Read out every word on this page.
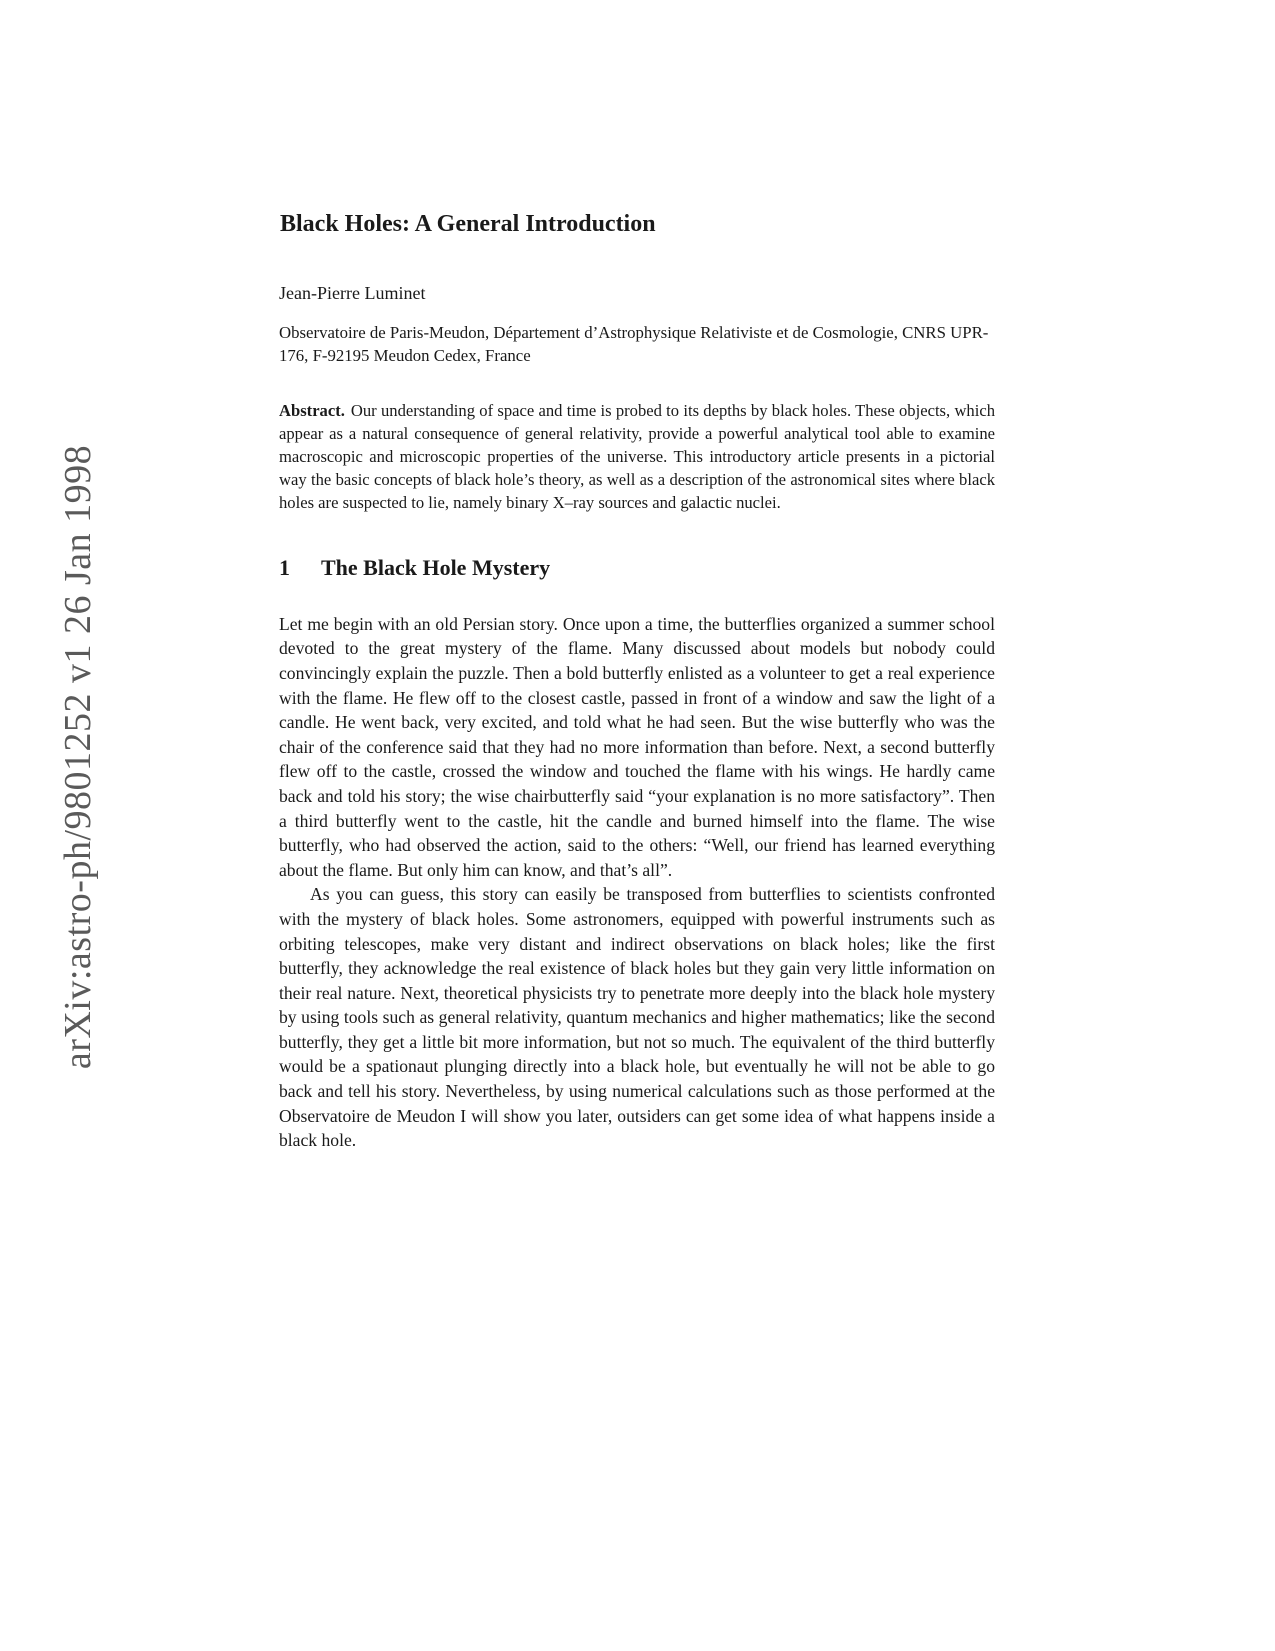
arXiv:astro-ph/9801252 v1 26 Jan 1998
Black Holes: A General Introduction
Jean-Pierre Luminet
Observatoire de Paris-Meudon, Département d’Astrophysique Relativiste et de Cosmologie, CNRS UPR-176, F-92195 Meudon Cedex, France
Abstract. Our understanding of space and time is probed to its depths by black holes. These objects, which appear as a natural consequence of general relativity, provide a powerful analytical tool able to examine macroscopic and microscopic properties of the universe. This introductory article presents in a pictorial way the basic concepts of black hole’s theory, as well as a description of the astronomical sites where black holes are suspected to lie, namely binary X–ray sources and galactic nuclei.
1	The Black Hole Mystery

Let me begin with an old Persian story. Once upon a time, the butterflies organized a summer school devoted to the great mystery of the flame. Many discussed about models but nobody could convincingly explain the puzzle. Then a bold butterfly enlisted as a volunteer to get a real experience with the flame. He flew off to the closest castle, passed in front of a window and saw the light of a candle. He went back, very excited, and told what he had seen. But the wise butterfly who was the chair of the conference said that they had no more information than before. Next, a second butterfly flew off to the castle, crossed the window and touched the flame with his wings. He hardly came back and told his story; the wise chairbutterfly said “your explanation is no more satisfactory”. Then a third butterfly went to the castle, hit the candle and burned himself into the flame. The wise butterfly, who had observed the action, said to the others: “Well, our friend has learned everything about the flame. But only him can know, and that’s all”.

As you can guess, this story can easily be transposed from butterflies to scientists confronted with the mystery of black holes. Some astronomers, equipped with powerful instruments such as orbiting telescopes, make very distant and indirect observations on black holes; like the first butterfly, they acknowledge the real existence of black holes but they gain very little information on their real nature. Next, theoretical physicists try to penetrate more deeply into the black hole mystery by using tools such as general relativity, quantum mechanics and higher mathematics; like the second butterfly, they get a little bit more information, but not so much. The equivalent of the third butterfly would be a spationaut plunging directly into a black hole, but eventually he will not be able to go back and tell his story. Nevertheless, by using numerical calculations such as those performed at the Observatoire de Meudon I will show you later, outsiders can get some idea of what happens inside a black hole.
